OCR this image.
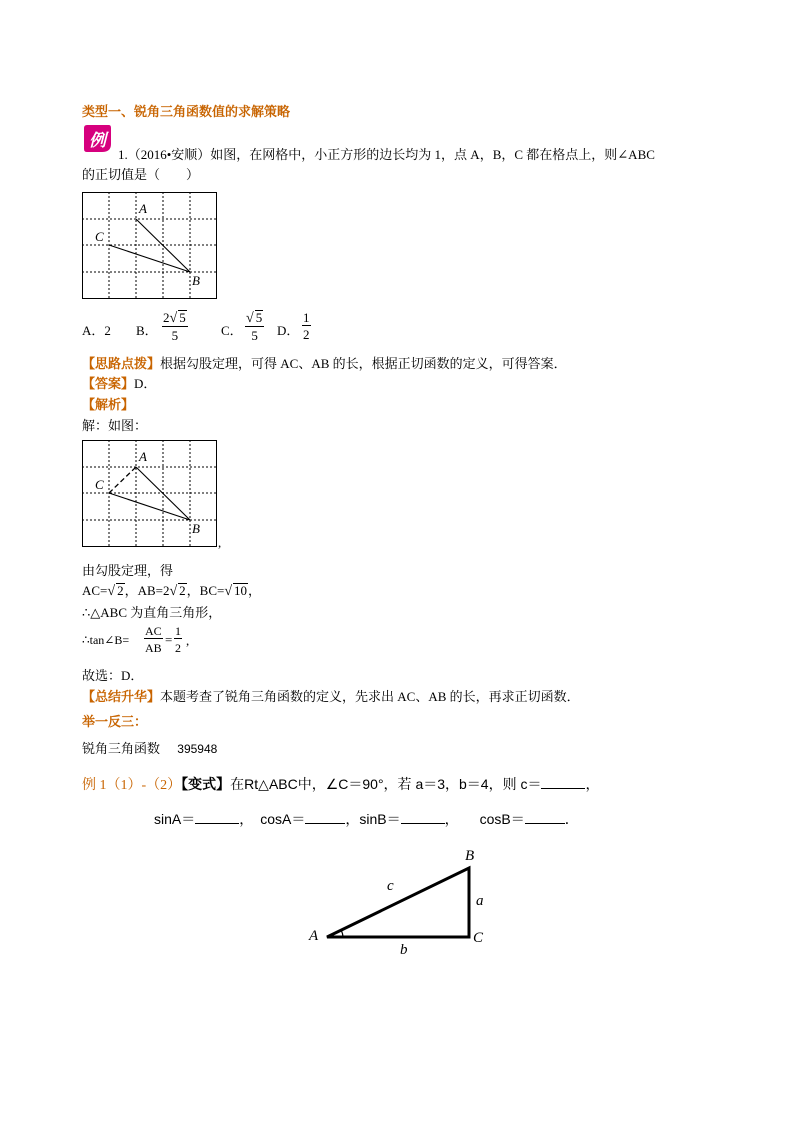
类型一、锐角三角函数值的求解策略
例
1.（2016•安顺）如图，在网格中，小正方形的边长均为 1，点 A，B，C 都在格点上，则∠ABC
的正切值是（　　）
A
C
B
A．2 B． $\frac{2√ 5}{5}$	C． $\frac{√ 5}{5}$ D． $\frac{1}{2}$
【思路点拨】根据勾股定理，可得 AC、AB 的长，根据正切函数的定义，可得答案．
【答案】D．
【解析】
解：如图：
A
C
B
,
由勾股定理，得
AC=√ 2，AB=2√ 2，BC=√ 10，
∴△ABC 为直角三角形，
∴tan∠B= $\frac{AC}{AB} = \frac{1}{2}$ ,
故选：D．
【总结升华】本题考查了锐角三角函数的定义，先求出 AC、AB 的长，再求正切函数．
举一反三：
锐角三角函数 395948
例 1（1）-（2）【变式】在Rt△ABC中，∠C＝90°，若 a＝3，b＝4，则 c＝	，
sinA＝	，　cosA＝	，sinB＝	，　　cosB＝	．
A
B
C
a
b
c
